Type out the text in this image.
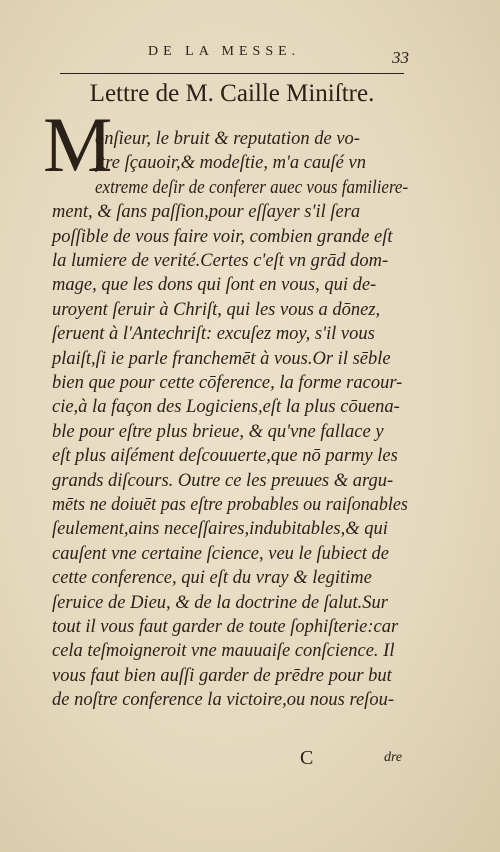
DE LA MESSE.	33
Lettre de M. Caille Miniſtre.
M
onſieur, le bruit & reputation de vo-
ſtre ſçauoir,& modeſtie, m'a cauſé vn
extreme deſir de conferer auec vous familiere-
ment, & ſans paſſion,pour eſſayer s'il ſera
poſſible de vous faire voir, combien grande eſt
la lumiere de verité.Certes c'eſt vn grād dom-
mage, que les dons qui ſont en vous, qui de-
uroyent ſeruir à Chriſt, qui les vous a dōnez,
ſeruent à l'Antechriſt: excuſez moy, s'il vous
plaiſt,ſi ie parle franchemēt à vous.Or il sēble
bien que pour cette cōference, la forme racour-
cie,à la façon des Logiciens,eſt la plus cōuena-
ble pour eſtre plus brieue, & qu'vne fallace y
eſt plus aiſément deſcouuerte,que nō parmy les
grands diſcours. Outre ce les preuues & argu-
mēts ne doiuēt pas eſtre probables ou raiſonables
ſeulement,ains neceſſaires,indubitables,& qui
cauſent vne certaine ſcience, veu le ſubiect de
cette conference, qui eſt du vray & legitime
ſeruice de Dieu, & de la doctrine de ſalut.Sur
tout il vous faut garder de toute ſophiſterie:car
cela teſmoigneroit vne mauuaiſe conſcience. Il
vous faut bien auſſi garder de prēdre pour but
de noſtre conference la victoire,ou nous reſou-
C	dre
